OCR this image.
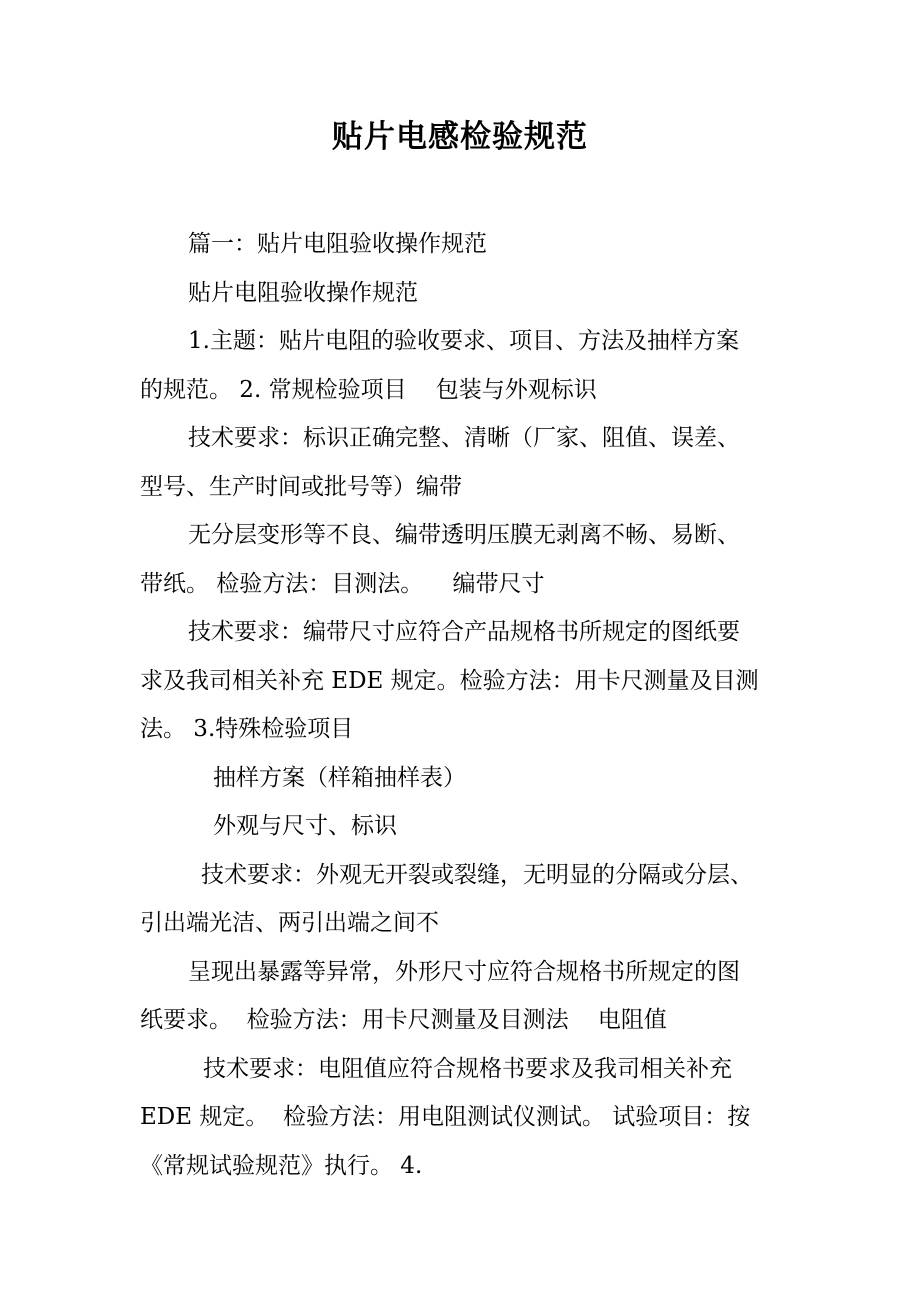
贴片电感检验规范
篇一：贴片电阻验收操作规范
贴片电阻验收操作规范
1.主题：贴片电阻的验收要求、项目、方法及抽样方案
的规范。 2. 常规检验项目    包装与外观标识
技术要求：标识正确完整、清晰（厂家、阻值、误差、
型号、生产时间或批号等）编带
无分层变形等不良、编带透明压膜无剥离不畅、易断、
带纸。 检验方法：目测法。    编带尺寸
技术要求：编带尺寸应符合产品规格书所规定的图纸要
求及我司相关补充 EDE 规定。检验方法：用卡尺测量及目测
法。 3.特殊检验项目
抽样方案（样箱抽样表）
外观与尺寸、标识
技术要求：外观无开裂或裂缝，无明显的分隔或分层、
引出端光洁、两引出端之间不
呈现出暴露等异常，外形尺寸应符合规格书所规定的图
纸要求。  检验方法：用卡尺测量及目测法    电阻值
技术要求：电阻值应符合规格书要求及我司相关补充
EDE 规定。  检验方法：用电阻测试仪测试。 试验项目：按
《常规试验规范》执行。 4.
